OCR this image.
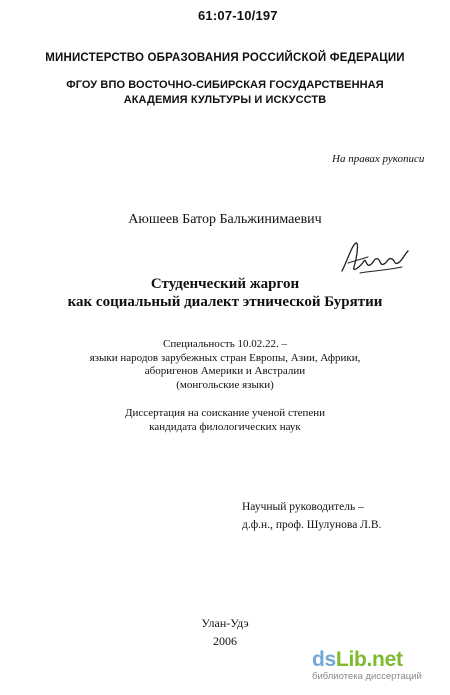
61:07-10/197
МИНИСТЕРСТВО ОБРАЗОВАНИЯ РОССИЙСКОЙ ФЕДЕРАЦИИ
ФГОУ ВПО ВОСТОЧНО-СИБИРСКАЯ ГОСУДАРСТВЕННАЯ
АКАДЕМИЯ КУЛЬТУРЫ И ИСКУССТВ
На правах рукописи
Аюшеев Батор Бальжинимаевич
Студенческий жаргон
как социальный диалект этнической Бурятии
Специальность 10.02.22. –
языки народов зарубежных стран Европы, Азии, Африки,
аборигенов Америки и Австралии
(монгольские языки)
Диссертация на соискание ученой степени
кандидата филологических наук
Научный руководитель –
д.ф.н., проф. Шулунова Л.В.
Улан-Удэ
2006
dsLib.net
библиотека диссертаций
